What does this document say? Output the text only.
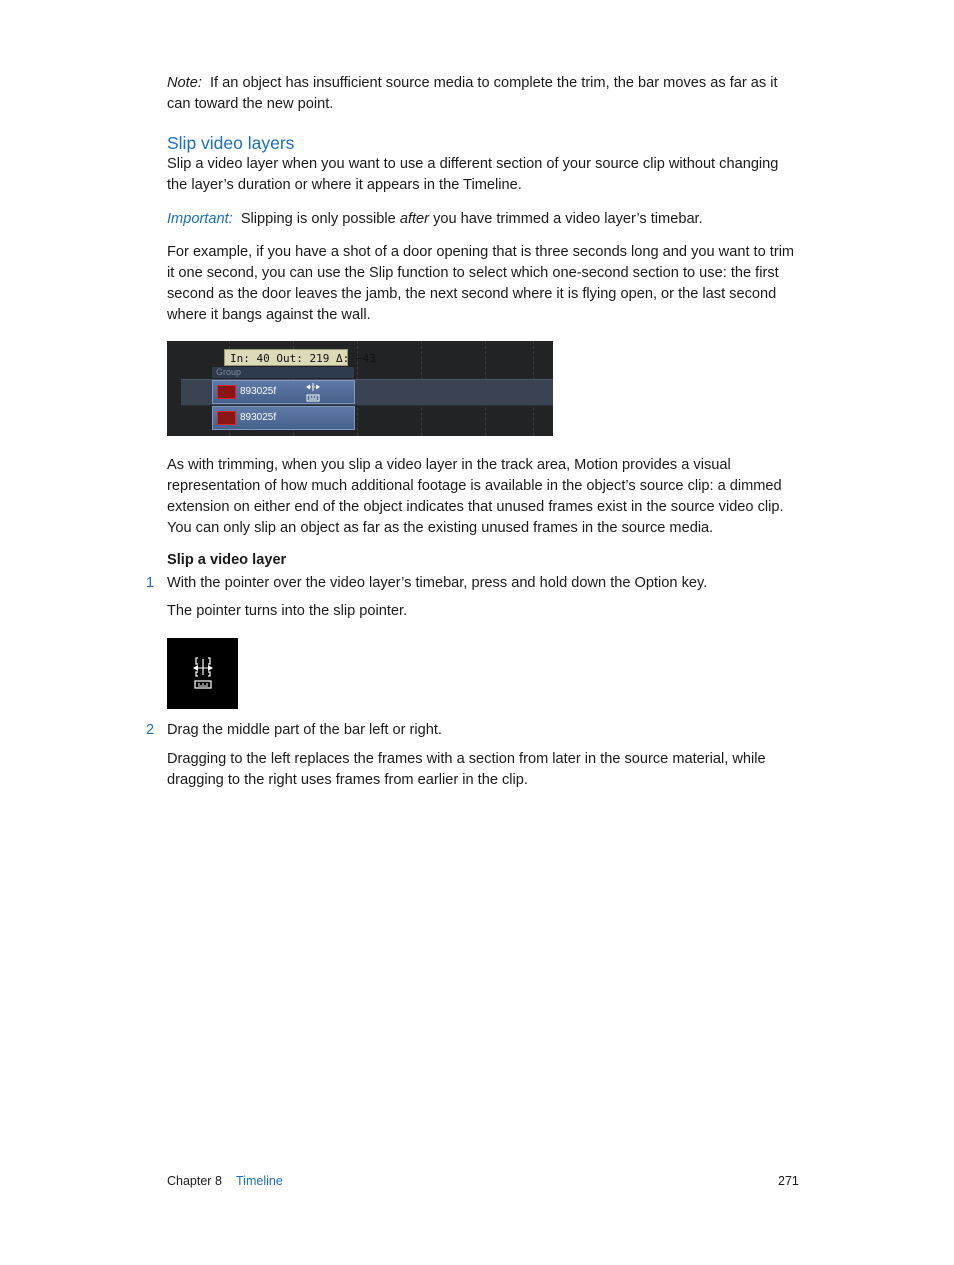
Note: If an object has insufficient source media to complete the trim, the bar moves as far as it can toward the new point.

Slip video layers

Slip a video layer when you want to use a different section of your source clip without changing the layer’s duration or where it appears in the Timeline.

Important: Slipping is only possible after you have trimmed a video layer’s timebar.

For example, if you have a shot of a door opening that is three seconds long and you want to trim it one second, you can use the Slip function to select which one-second section to use: the first second as the door leaves the jamb, the next second where it is flying open, or the last second where it bangs against the wall.

In: 40 Out: 219 Δ: −43
Group
893025f
893025f

As with trimming, when you slip a video layer in the track area, Motion provides a visual representation of how much additional footage is available in the object’s source clip: a dimmed extension on either end of the object indicates that unused frames exist in the source video clip. You can only slip an object as far as the existing unused frames in the source media.

Slip a video layer
1 With the pointer over the video layer’s timebar, press and hold down the Option key.

The pointer turns into the slip pointer.

2 Drag the middle part of the bar left or right.

Dragging to the left replaces the frames with a section from later in the source material, while dragging to the right uses frames from earlier in the clip.

Chapter 8 Timeline	271
